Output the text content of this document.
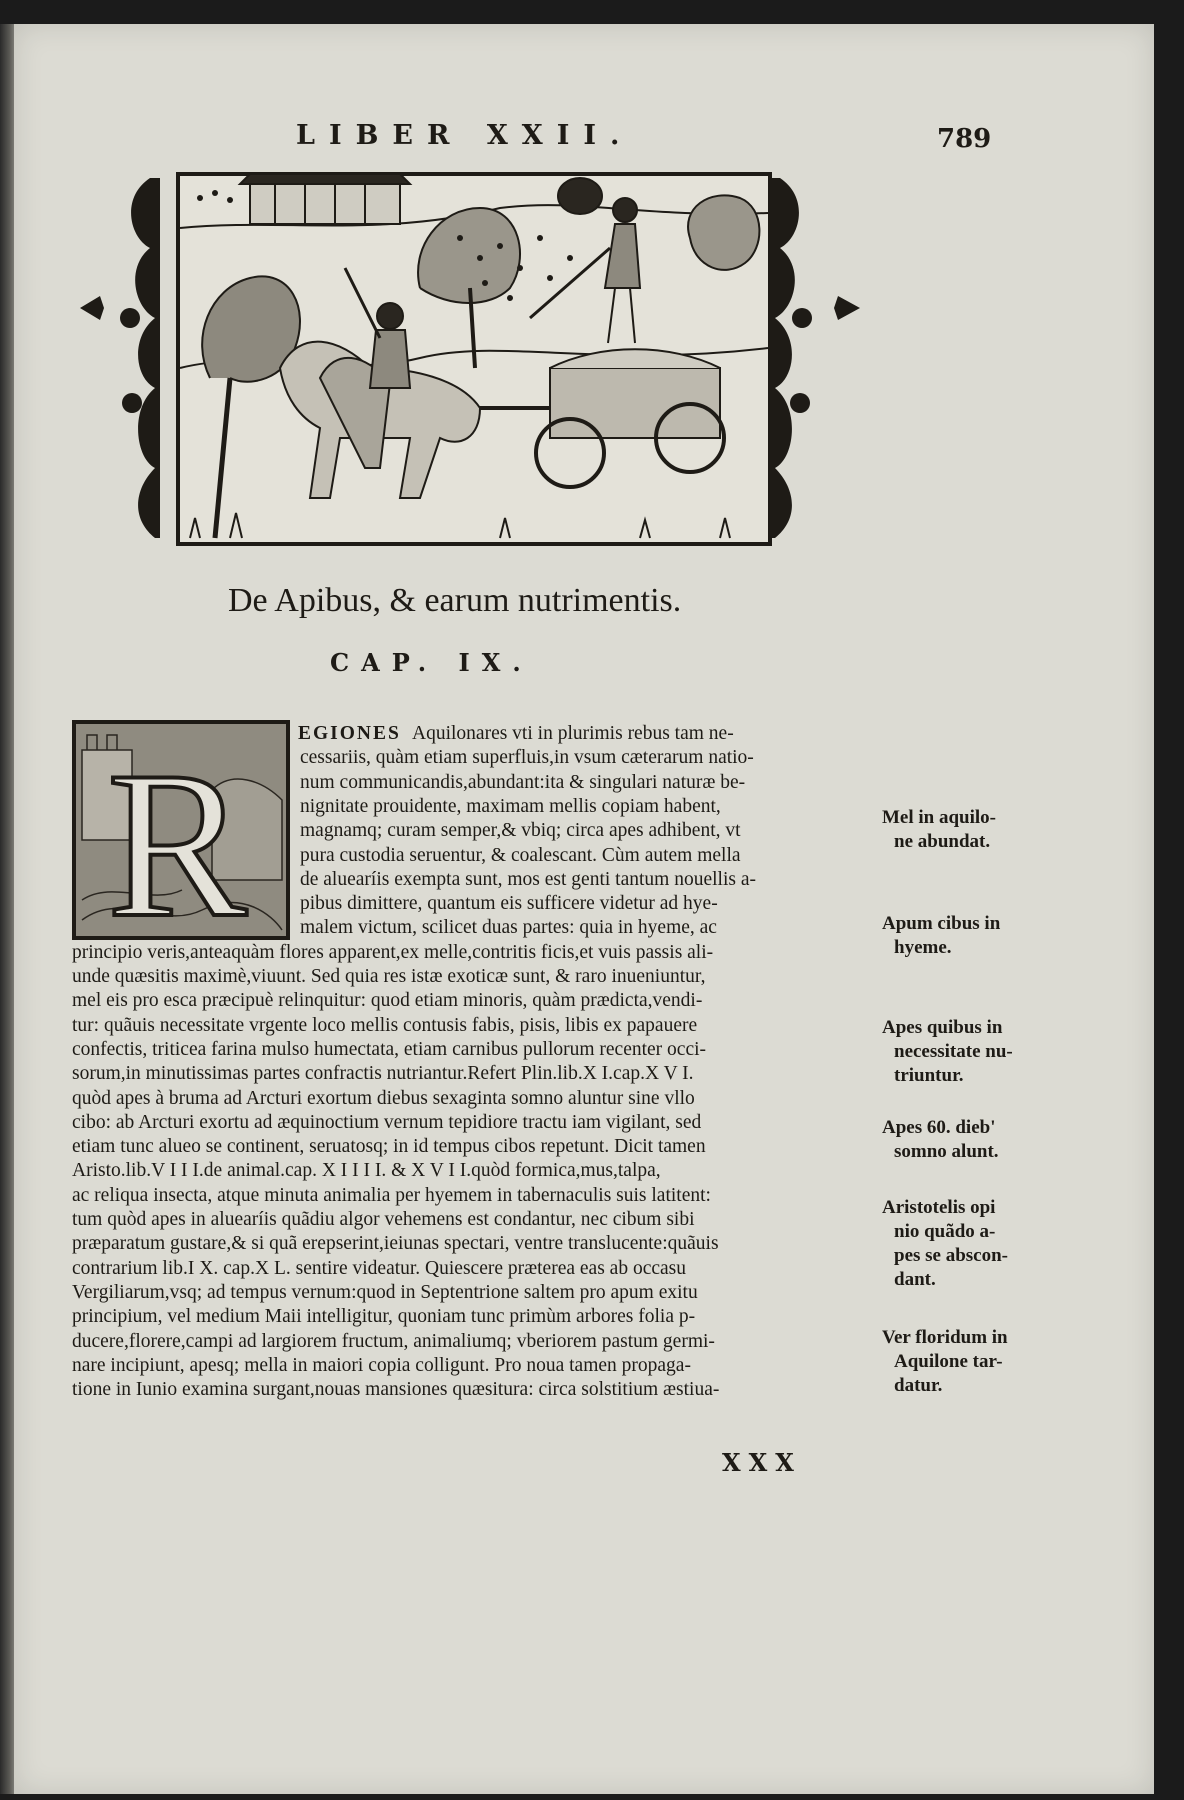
LIBER XXII.	789
De Apibus, & earum nutrimentis.
CAP. IX.
R	EGIONES Aquilonares vti in plurimis rebus tam ne-
cessariis, quàm etiam superfluis,in vsum cæterarum natio-
num communicandis,abundant:ita & singulari naturæ be-
nignitate prouidente, maximam mellis copiam habent,
magnamq; curam semper,& vbiq; circa apes adhibent, vt
pura custodia seruentur, & coalescant. Cùm autem mella
de aluearíis exempta sunt, mos est genti tantum nouellis a-
pibus dimittere, quantum eis sufficere videtur ad hye-
malem victum, scilicet duas partes: quia in hyeme, ac
principio veris,anteaquàm flores apparent,ex melle,contritis ficis,et vuis passis ali-
unde quæsitis maximè,viuunt. Sed quia res istæ exoticæ sunt, & raro inueniuntur,
mel eis pro esca præcipuè relinquitur: quod etiam minoris, quàm prædicta,vendi-
tur: quãuis necessitate vrgente loco mellis contusis fabis, pisis, libis ex papauere
confectis, triticea farina mulso humectata, etiam carnibus pullorum recenter occi-
sorum,in minutissimas partes confractis nutriantur.Refert Plin.lib.X I.cap.X V I.
quòd apes à bruma ad Arcturi exortum diebus sexaginta somno aluntur sine vllo
cibo: ab Arcturi exortu ad æquinoctium vernum tepidiore tractu iam vigilant, sed
etiam tunc alueo se continent, seruatosq; in id tempus cibos repetunt. Dicit tamen
Aristo.lib.V I I I.de animal.cap. X I I I I. & X V I I.quòd formica,mus,talpa,
ac reliqua insecta, atque minuta animalia per hyemem in tabernaculis suis latitent:
tum quòd apes in aluearíis quãdiu algor vehemens est condantur, nec cibum sibi
præparatum gustare,& si quã erepserint,ieiunas spectari, ventre translucente:quãuis
contrarium lib.I X. cap.X L. sentire videatur. Quiescere præterea eas ab occasu
Vergiliarum,vsq; ad tempus vernum:quod in Septentrione saltem pro apum exitu
principium, vel medium Maii intelligitur, quoniam tunc primùm arbores folia p-
ducere,florere,campi ad largiorem fructum, animaliumq; vberiorem pastum germi-
nare incipiunt, apesq; mella in maiori copia colligunt. Pro noua tamen propaga-
tione in Iunio examina surgant,nouas mansiones quæsitura: circa solstitium æstiua-
Mel in aquilo-
ne abundat.
Apum cibus in
hyeme.
Apes quibus in
necessitate nu-
triuntur.
Apes 60. dieb'
somno alunt.
Aristotelis opi
nio quãdo a-
pes se abscon-
dant.
Ver floridum in
Aquilone tar-
datur.
XXX
